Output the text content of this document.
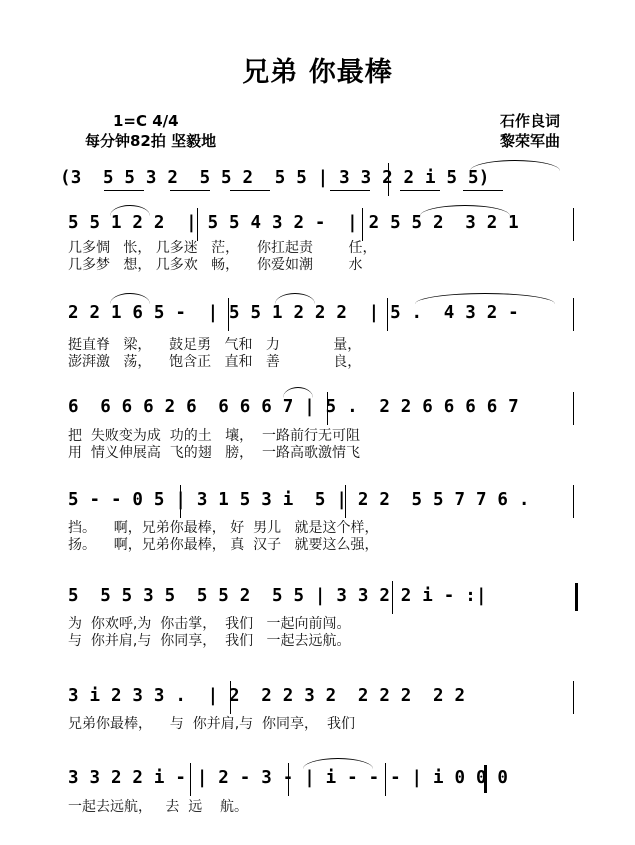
兄弟 你最棒
1=C 4/4
每分钟82拍 坚毅地
石作良词
黎荣军曲
(3  5 5 3 2  5 5 2  5 5 | 3 3 2 2 i 5 5)
5 5 1 2 2  | 5 5 4 3 2 -  | 2 5 5 2  3 2 1
几多惆   怅， 几多迷   茫，    你扛起责        任，
几多梦   想， 几多欢   畅，    你爱如潮        水
2 2 1 6 5 -  | 5 5 1 2 2 2  | 5 .  4 3 2 -
挺直脊   梁，    鼓足勇   气和   力            量，
澎湃激   荡，    饱含正   直和   善            良，
6  6 6 6 2 6  6 6 6 7 | 5 .  2 2 6 6 6 6 7
把  失败变为成  功的土   壤，  一路前行无可阻
用  情义伸展高  飞的翅   膀，  一路高歌激情飞
5 - - 0 5 | 3 1 5 3 i  5 | 2 2  5 5 7 7 6 .
挡。    啊，兄弟你最棒， 好  男儿   就是这个样，
扬。    啊，兄弟你最棒， 真  汉子   就要这么强，
5  5 5 3 5  5 5 2  5 5 | 3 3 2 2 i - :|
为  你欢呼,为  你击掌，  我们   一起向前闯。
与  你并肩,与  你同享，  我们   一起去远航。
3 i 2 3 3 .  | 2  2 2 3 2  2 2 2  2 2
兄弟你最棒，    与  你并肩,与  你同享，  我们
3 3 2 2 i - | 2 - 3 - | i - - - | i 0 0 0
一起去远航，   去  远    航。
